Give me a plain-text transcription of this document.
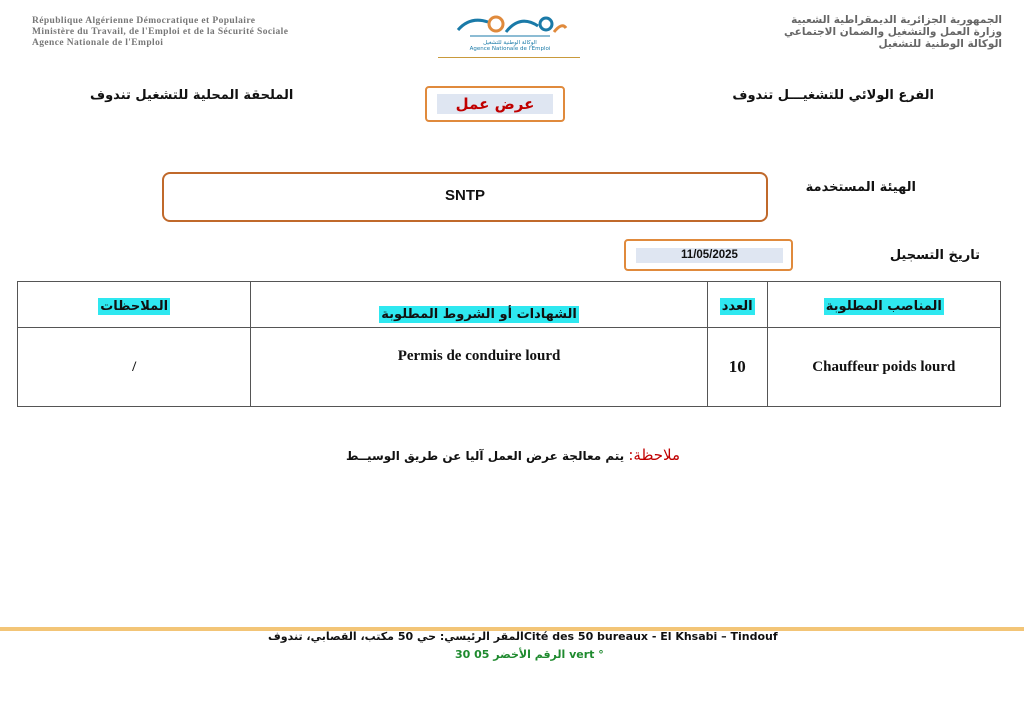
République Algérienne Démocratique et Populaire
Ministère du Travail, de l'Emploi et de la Sécurité Sociale
Agence Nationale de l'Emploi	الوكالة الوطنية للتشغيل
Agence Nationale de l'Emploi
الجمهورية الجزائرية الديمقراطية الشعبية
وزارة العمل والتشغيل والضمان الاجتماعي
الوكالة الوطنية للتشغيل
الملحقة المحلية للتشغيل تندوف	عرض عمل	الفرع الولائي للتشغيـــل تندوف
SNTP	الهيئة المستخدمة
11/05/2025	تاريخ التسجيل
الملاحظات	الشهادات أو الشروط المطلوبة	العدد	المناصب المطلوبة
/	Permis de conduire lourd	10	Chauffeur poids lourd
ملاحظة: يتم معالجة عرض العمل آليا عن طريق الوسيــط
المقر الرئيسي: حي 50 مكتب، القصابي، تندوفCité des 50 bureaux - El Khsabi – Tindouf
الرقم الأخضر 05 30 vert °
